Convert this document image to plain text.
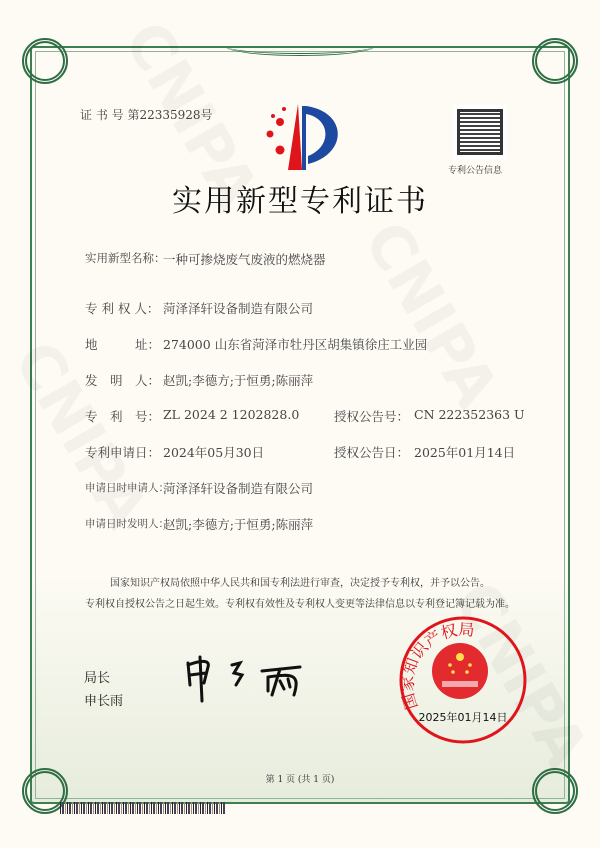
证 书 号 第22335928号
专利公告信息
实用新型专利证书
实用新型名称：
一种可掺烧废气废液的燃烧器
专 利 权 人： 菏泽泽轩设备制造有限公司
地　　　址： 274000 山东省菏泽市牡丹区胡集镇徐庄工业园
发　明　人： 赵凯;李德方;于恒勇;陈丽萍
专　利　号： ZL 2024 2 1202828.0	授权公告号： CN 222352363 U
专利申请日： 2024年05月30日	授权公告日： 2025年01月14日
申请日时申请人：
菏泽泽轩设备制造有限公司
申请日时发明人：
赵凯;李德方;于恒勇;陈丽萍
国家知识产权局依照中华人民共和国专利法进行审查，决定授予专利权，并予以公告。
专利权自授权公告之日起生效。专利权有效性及专利权人变更等法律信息以专利登记簿记载为准。
局长
申长雨	国家知识产权局
2025年01月14日
第 1 页 (共 1 页)
